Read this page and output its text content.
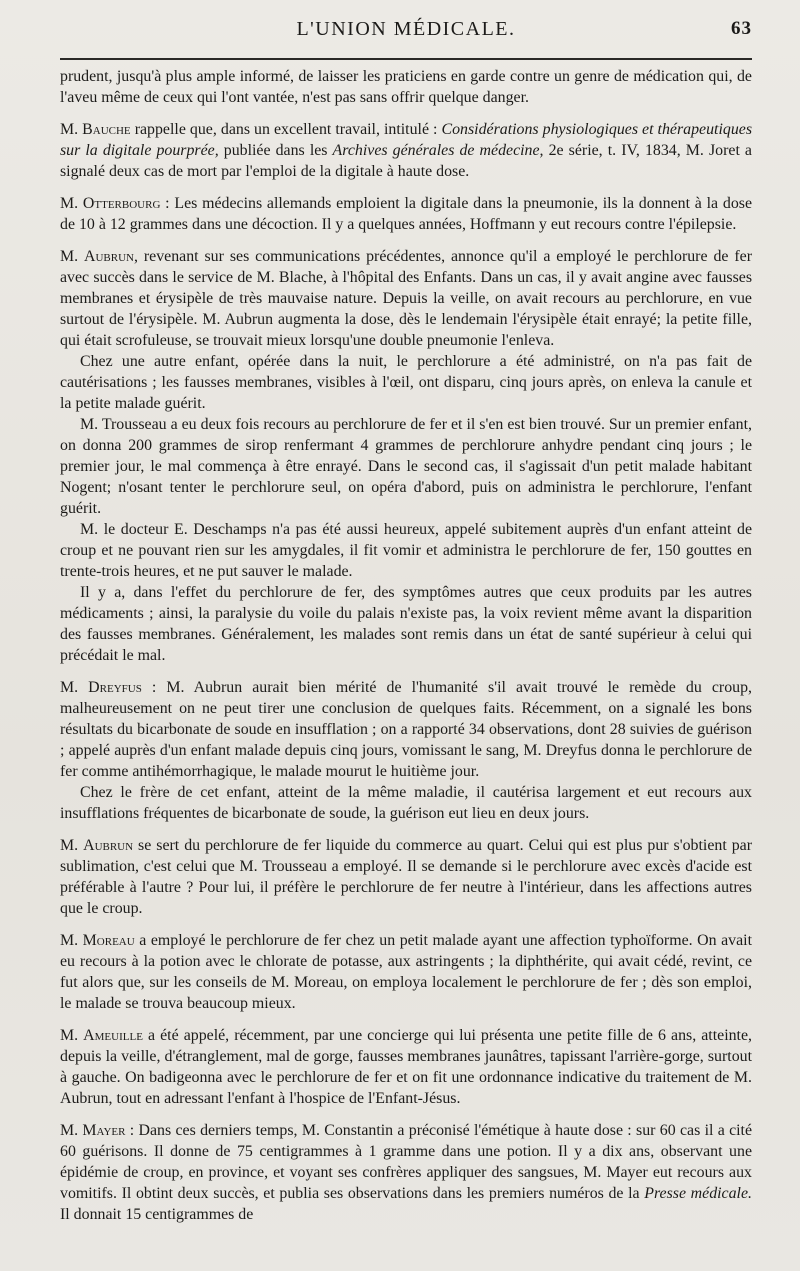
L'UNION MÉDICALE.	63

prudent, jusqu'à plus ample informé, de laisser les praticiens en garde contre un genre de médication qui, de l'aveu même de ceux qui l'ont vantée, n'est pas sans offrir quelque danger.

M. Bauche rappelle que, dans un excellent travail, intitulé : Considérations physiologiques et thérapeutiques sur la digitale pourprée, publiée dans les Archives générales de médecine, 2e série, t. IV, 1834, M. Joret a signalé deux cas de mort par l'emploi de la digitale à haute dose.

M. Otterbourg : Les médecins allemands emploient la digitale dans la pneumonie, ils la donnent à la dose de 10 à 12 grammes dans une décoction. Il y a quelques années, Hoffmann y eut recours contre l'épilepsie.

M. Aubrun, revenant sur ses communications précédentes, annonce qu'il a employé le perchlorure de fer avec succès dans le service de M. Blache, à l'hôpital des Enfants. Dans un cas, il y avait angine avec fausses membranes et érysipèle de très mauvaise nature. Depuis la veille, on avait recours au perchlorure, en vue surtout de l'érysipèle. M. Aubrun augmenta la dose, dès le lendemain l'érysipèle était enrayé; la petite fille, qui était scrofuleuse, se trouvait mieux lorsqu'une double pneumonie l'enleva.

Chez une autre enfant, opérée dans la nuit, le perchlorure a été administré, on n'a pas fait de cautérisations ; les fausses membranes, visibles à l'œil, ont disparu, cinq jours après, on enleva la canule et la petite malade guérit.

M. Trousseau a eu deux fois recours au perchlorure de fer et il s'en est bien trouvé. Sur un premier enfant, on donna 200 grammes de sirop renfermant 4 grammes de perchlorure anhydre pendant cinq jours ; le premier jour, le mal commença à être enrayé. Dans le second cas, il s'agissait d'un petit malade habitant Nogent; n'osant tenter le perchlorure seul, on opéra d'abord, puis on administra le perchlorure, l'enfant guérit.

M. le docteur E. Deschamps n'a pas été aussi heureux, appelé subitement auprès d'un enfant atteint de croup et ne pouvant rien sur les amygdales, il fit vomir et administra le perchlorure de fer, 150 gouttes en trente-trois heures, et ne put sauver le malade.

Il y a, dans l'effet du perchlorure de fer, des symptômes autres que ceux produits par les autres médicaments ; ainsi, la paralysie du voile du palais n'existe pas, la voix revient même avant la disparition des fausses membranes. Généralement, les malades sont remis dans un état de santé supérieur à celui qui précédait le mal.

M. Dreyfus : M. Aubrun aurait bien mérité de l'humanité s'il avait trouvé le remède du croup, malheureusement on ne peut tirer une conclusion de quelques faits. Récemment, on a signalé les bons résultats du bicarbonate de soude en insufflation ; on a rapporté 34 observations, dont 28 suivies de guérison ; appelé auprès d'un enfant malade depuis cinq jours, vomissant le sang, M. Dreyfus donna le perchlorure de fer comme antihémorrhagique, le malade mourut le huitième jour.

Chez le frère de cet enfant, atteint de la même maladie, il cautérisa largement et eut recours aux insufflations fréquentes de bicarbonate de soude, la guérison eut lieu en deux jours.

M. Aubrun se sert du perchlorure de fer liquide du commerce au quart. Celui qui est plus pur s'obtient par sublimation, c'est celui que M. Trousseau a employé. Il se demande si le perchlorure avec excès d'acide est préférable à l'autre ? Pour lui, il préfère le perchlorure de fer neutre à l'intérieur, dans les affections autres que le croup.

M. Moreau a employé le perchlorure de fer chez un petit malade ayant une affection typhoïforme. On avait eu recours à la potion avec le chlorate de potasse, aux astringents ; la diphthérite, qui avait cédé, revint, ce fut alors que, sur les conseils de M. Moreau, on employa localement le perchlorure de fer ; dès son emploi, le malade se trouva beaucoup mieux.

M. Ameuille a été appelé, récemment, par une concierge qui lui présenta une petite fille de 6 ans, atteinte, depuis la veille, d'étranglement, mal de gorge, fausses membranes jaunâtres, tapissant l'arrière-gorge, surtout à gauche. On badigeonna avec le perchlorure de fer et on fit une ordonnance indicative du traitement de M. Aubrun, tout en adressant l'enfant à l'hospice de l'Enfant-Jésus.

M. Mayer : Dans ces derniers temps, M. Constantin a préconisé l'émétique à haute dose : sur 60 cas il a cité 60 guérisons. Il donne de 75 centigrammes à 1 gramme dans une potion. Il y a dix ans, observant une épidémie de croup, en province, et voyant ses confrères appliquer des sangsues, M. Mayer eut recours aux vomitifs. Il obtint deux succès, et publia ses observations dans les premiers numéros de la Presse médicale. Il donnait 15 centigrammes de
